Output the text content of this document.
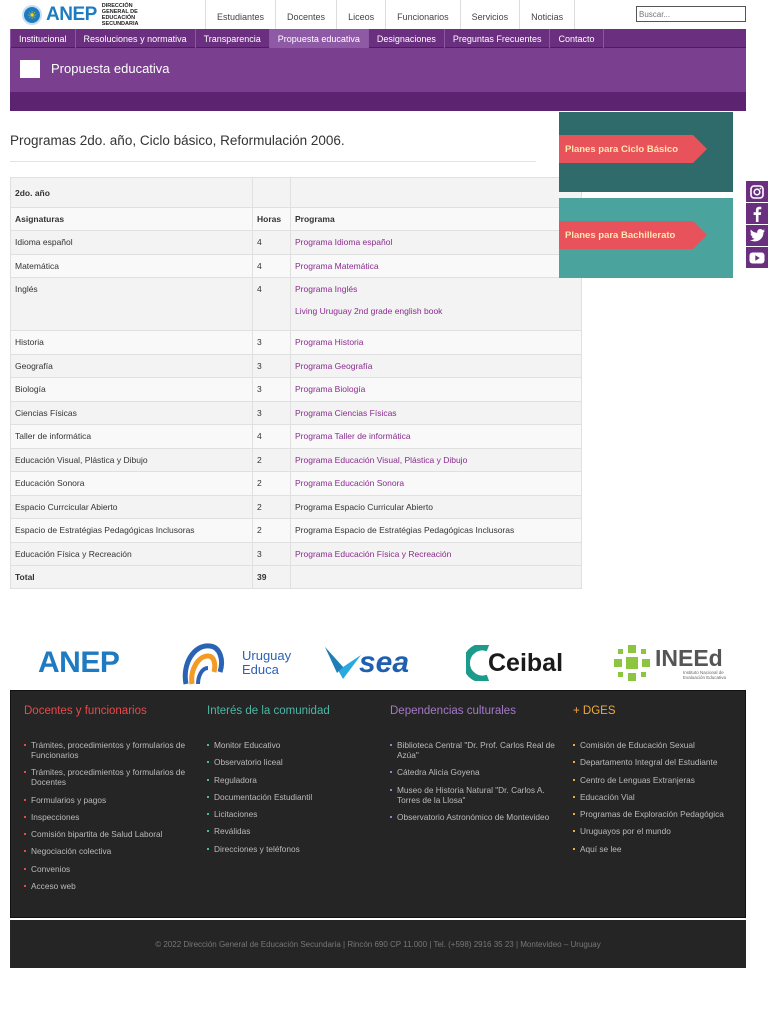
☀ ANEP DIRECCIÓN GENERAL DE EDUCACIÓN SECUNDARIA
Estudiantes	Docentes	Liceos	Funcionarios	Servicios	Noticias
Buscar...
Institucional	Resoluciones y normativa	Transparencia	Propuesta educativa	Designaciones	Preguntas Frecuentes	Contacto
Propuesta educativa
Programas 2do. año, Ciclo básico, Reformulación 2006.
2do. año		
Asignaturas	Horas	Programa
Idioma español	4	Programa Idioma español
Matemática	4	Programa Matemática
Inglés	4	Programa Inglés
Living Uruguay 2nd grade english book

Historia	3	Programa Historia
Geografía	3	Programa Geografía
Biología	3	Programa Biología
Ciencias Físicas	3	Programa Ciencias Físicas
Taller de informática	4	Programa Taller de informática
Educación Visual, Plástica y Dibujo	2	Programa Educación Visual, Plástica y Dibujo
Educación Sonora	2	Programa Educación Sonora
Espacio Currcicular Abierto	2	Programa Espacio Curricular Abierto
Espacio de Estratégias Pedagógicas Inclusoras	2	Programa Espacio de Estratégias Pedagógicas Inclusoras
Educación Física y Recreación	3	Programa Educación Física y Recreación
Total	39	
Planes para Ciclo Básico
Planes para Bachillerato
ANEP	Uruguay Educa	sea	Ceibal	INEEd
Instituto Nacional de Evaluación Educativa
Docentes y funcionarios
Trámites, procedimientos y formularios de Funcionarios
Trámites, procedimientos y formularios de Docentes
Formularios y pagos
Inspecciones
Comisión bipartita de Salud Laboral
Negociación colectiva
Convenios
Acceso web
Interés de la comunidad
Monitor Educativo
Observatorio liceal
Reguladora
Documentación Estudiantil
Licitaciones
Reválidas
Direcciones y teléfonos
Dependencias culturales
Biblioteca Central "Dr. Prof. Carlos Real de Azúa"
Cátedra Alicia Goyena
Museo de Historia Natural "Dr. Carlos A. Torres de la Llosa"
Observatorio Astronómico de Montevideo
+ DGES
Comisión de Educación Sexual
Departamento Integral del Estudiante
Centro de Lenguas Extranjeras
Educación Vial
Programas de Exploración Pedagógica
Uruguayos por el mundo
Aquí se lee
© 2022 Dirección General de Educación Secundaria | Rincón 690 CP 11.000 | Tel. (+598) 2916 35 23 | Montevideo – Uruguay
